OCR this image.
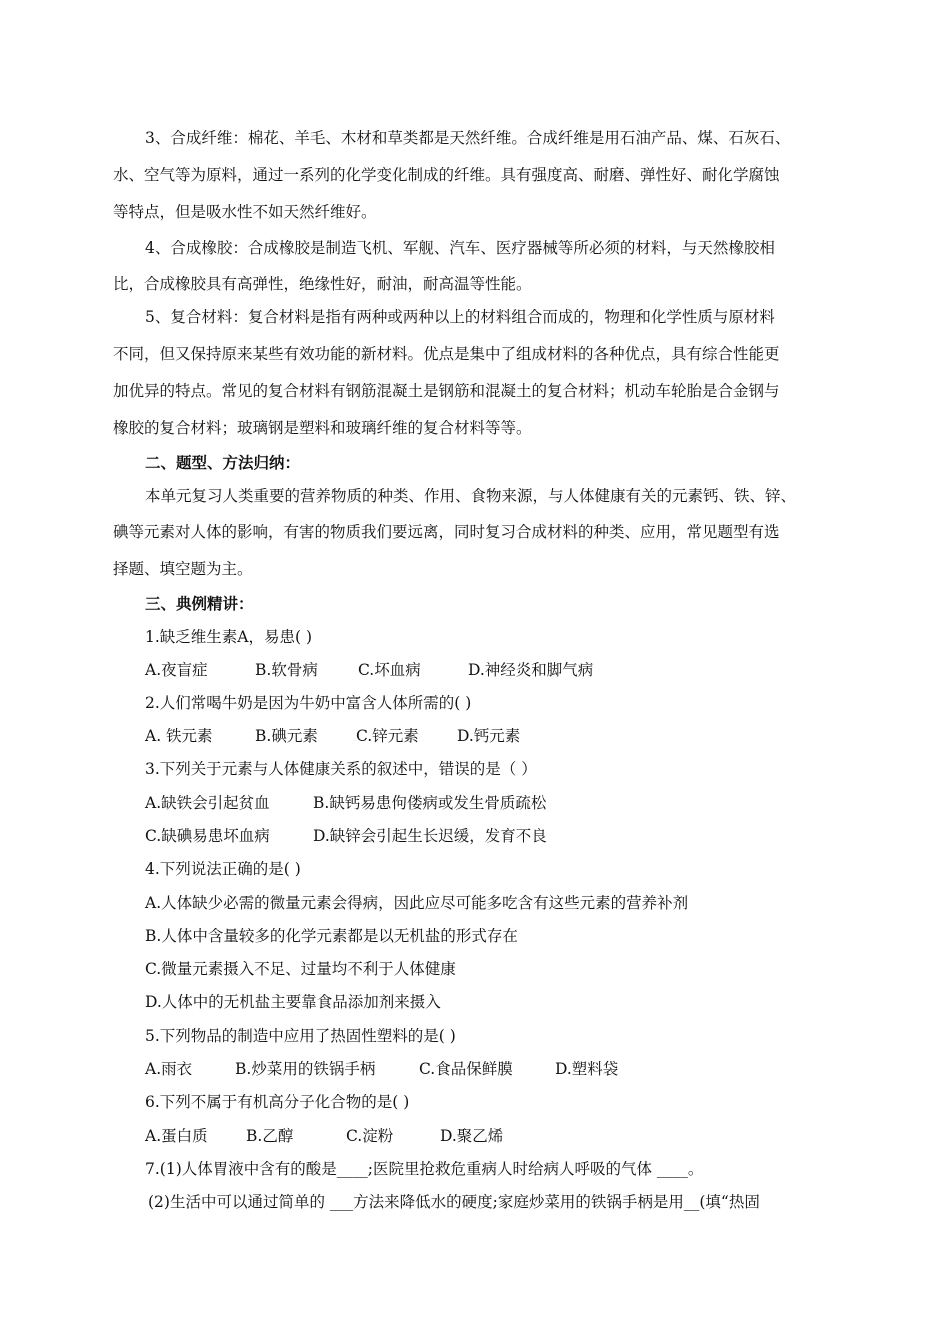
3、合成纤维：棉花、羊毛、木材和草类都是天然纤维。合成纤维是用石油产品、煤、石灰石、
水、空气等为原料，通过一系列的化学变化制成的纤维。具有强度高、耐磨、弹性好、耐化学腐蚀
等特点，但是吸水性不如天然纤维好。
4、合成橡胶：合成橡胶是制造飞机、军舰、汽车、医疗器械等所必须的材料，与天然橡胶相
比，合成橡胶具有高弹性，绝缘性好，耐油，耐高温等性能。
5、复合材料：复合材料是指有两种或两种以上的材料组合而成的，物理和化学性质与原材料
不同，但又保持原来某些有效功能的新材料。优点是集中了组成材料的各种优点，具有综合性能更
加优异的特点。常见的复合材料有钢筋混凝土是钢筋和混凝土的复合材料；机动车轮胎是合金钢与
橡胶的复合材料；玻璃钢是塑料和玻璃纤维的复合材料等等。
二、题型、方法归纳：
本单元复习人类重要的营养物质的种类、作用、食物来源，与人体健康有关的元素钙、铁、锌、
碘等元素对人体的影响，有害的物质我们要远离，同时复习合成材料的种类、应用，常见题型有选
择题、填空题为主。
三、典例精讲：
1.缺乏维生素A，易患( )
A.夜盲症	B.软骨病	C.坏血病	D.神经炎和脚气病
2.人们常喝牛奶是因为牛奶中富含人体所需的( )
A. 铁元素	B.碘元素 C.锌元素 D.钙元素
3.下列关于元素与人体健康关系的叙述中，错误的是（ ）
A.缺铁会引起贫血	B.缺钙易患佝偻病或发生骨质疏松
C.缺碘易患坏血病	D.缺锌会引起生长迟缓，发育不良
4.下列说法正确的是( )
A.人体缺少必需的微量元素会得病，因此应尽可能多吃含有这些元素的营养补剂
B.人体中含量较多的化学元素都是以无机盐的形式存在
C.微量元素摄入不足、过量均不利于人体健康
D.人体中的无机盐主要靠食品添加剂来摄入
5.下列物品的制造中应用了热固性塑料的是( )
A.雨衣	B.炒菜用的铁锅手柄	C.食品保鲜膜	D.塑料袋
6.下列不属于有机高分子化合物的是( )
A.蛋白质 B.乙醇	C.淀粉	D.聚乙烯
7.(1)人体胃液中含有的酸是____;医院里抢救危重病人时给病人呼吸的气体 ____。
(2)生活中可以通过简单的 ___方法来降低水的硬度;家庭炒菜用的铁锅手柄是用__(填“热固
